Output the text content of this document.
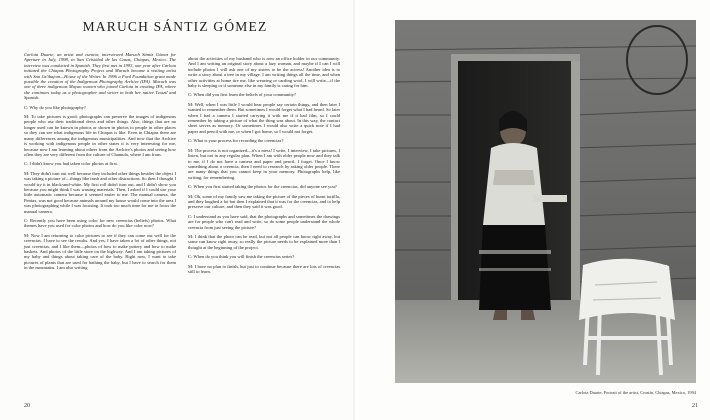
MARUCH SÁNTIZ GÓMEZ

Carlota Duarte, an artist and curator, interviewed Maruch Sántiz Gómez for Aperture in July, 1998, in San Cristóbal de las Casas, Chiapas, Mexico. The interview was conducted in Spanish. They first met in 1993, one year after Carlota initiated the Chiapas Photography Project and Maruch became a visiting artist with Sna Jtz'ibajom—House of the Writer. In 1996 a Ford Foundation grant made possible the creation of the Indigenous Photography Archive (IFA). Maruch was one of three indigenous Mayan women who joined Carlota in creating IFA, where she continues today as a photographer and writer in both her native Tzotzil and Spanish.

C: Why do you like photography?

M: To take pictures is good; photographs can preserve the images of indigenous people who use their traditional dress and other things. Also, things that are no longer used can be known in photos or shown in photos to people in other places so they can see what indigenous life in Chiapas is like. Even in Chiapas there are many differences among the indigenous municipalities. And now that the Archive is working with indigenous people in other states it is very interesting for me, because now I am learning about others from the Archive's photos and seeing how often they are very different from the culture of Chamula, where I am from.

C: I didn't know you had taken color photos at first.

M: They didn't turn out well because they included other things besides the object I was taking a picture of—things like trash and other distractions. So then I thought I would try it in black-and-white. My first roll didn't turn out, and I didn't show you because you might think I was wasting materials. Then, I asked if I could use your little automatic camera because it seemed easier to me. The manual camera, the Pentax, was not good because animals around my house would come into the area I was photographing while I was focusing. It took too much time for me to focus the manual camera.

C: Recently you have been using color for new creencias (beliefs) photos. What themes have you used for color photos and how do you like color now?

M: Now I am returning to color pictures to see if they can come out well for the creencias. I have to see the results. And yes, I have taken a lot of other things, not just creencias, and I like them—photos of how to make pottery and how to make baskets. And photos of the little store on the highway. And I am taking pictures of my baby and things about taking care of the baby. Right now, I want to take pictures of plants that are used for bathing the baby, but I have to search for them in the mountains. I am also writing

about the activities of my husband who is now an office holder in our community. And I am writing an original story about a lazy woman, and maybe if I can I will include photos I will ask one of my sisters to be the actress! Another idea is to write a story about a tree in my village. I am writing things all the time, and when other activities at home tire me, like weaving or carding wool, I will write—if the baby is sleeping or if someone else in my family is caring for him.

C: When did you first learn the beliefs of your community?

M: Well, when I was little I would hear people say certain things, and then later I wanted to remember them. But sometimes I would forget what I had heard. So later when I had a camera I started carrying it with me if it had film, so I could remember by taking a picture of what the thing was about. In this way, the contact sheet serves as memory. Or sometimes I would also write a quick note if I had paper and pencil with me, or when I got home, so I would not forget.

C: What is your process for recording the creencias?

M: The process is not organized—it's a mess! I write, I interview, I take pictures, I listen, but not in any regular plan. When I am with older people now and they talk to me, if I do not have a camera and paper and pencil, I forget. Once I know something about a creencia, then I need to research by asking older people. There are many things that you cannot keep in your memory. Photographs help, like writing, for remembering.

C: When you first started taking the photos for the creencias, did anyone see you?

M: Oh, some of my family saw me taking the picture of the pieces of burnt tortilla, and they laughed a lot but then I explained that it was for the creencias, and to help preserve our culture, and then they said it was good.

C: I understand as you have said, that the photographs and sometimes the drawings are for people who can't read and write, so do some people understand the whole creencia from just seeing the picture?

M: I think that the photo can be read, but not all people can know right away, but some can know right away, so really the picture needs to be explained more than I thought at the beginning of the project.

C: When do you think you will finish the creencias series?

M: I have no plan to finish, but just to continue because there are lots of creencias still to learn.

20
Carlota Duarte, Portrait of the artist, Crustín, Chiapas, Mexico, 1994
21
